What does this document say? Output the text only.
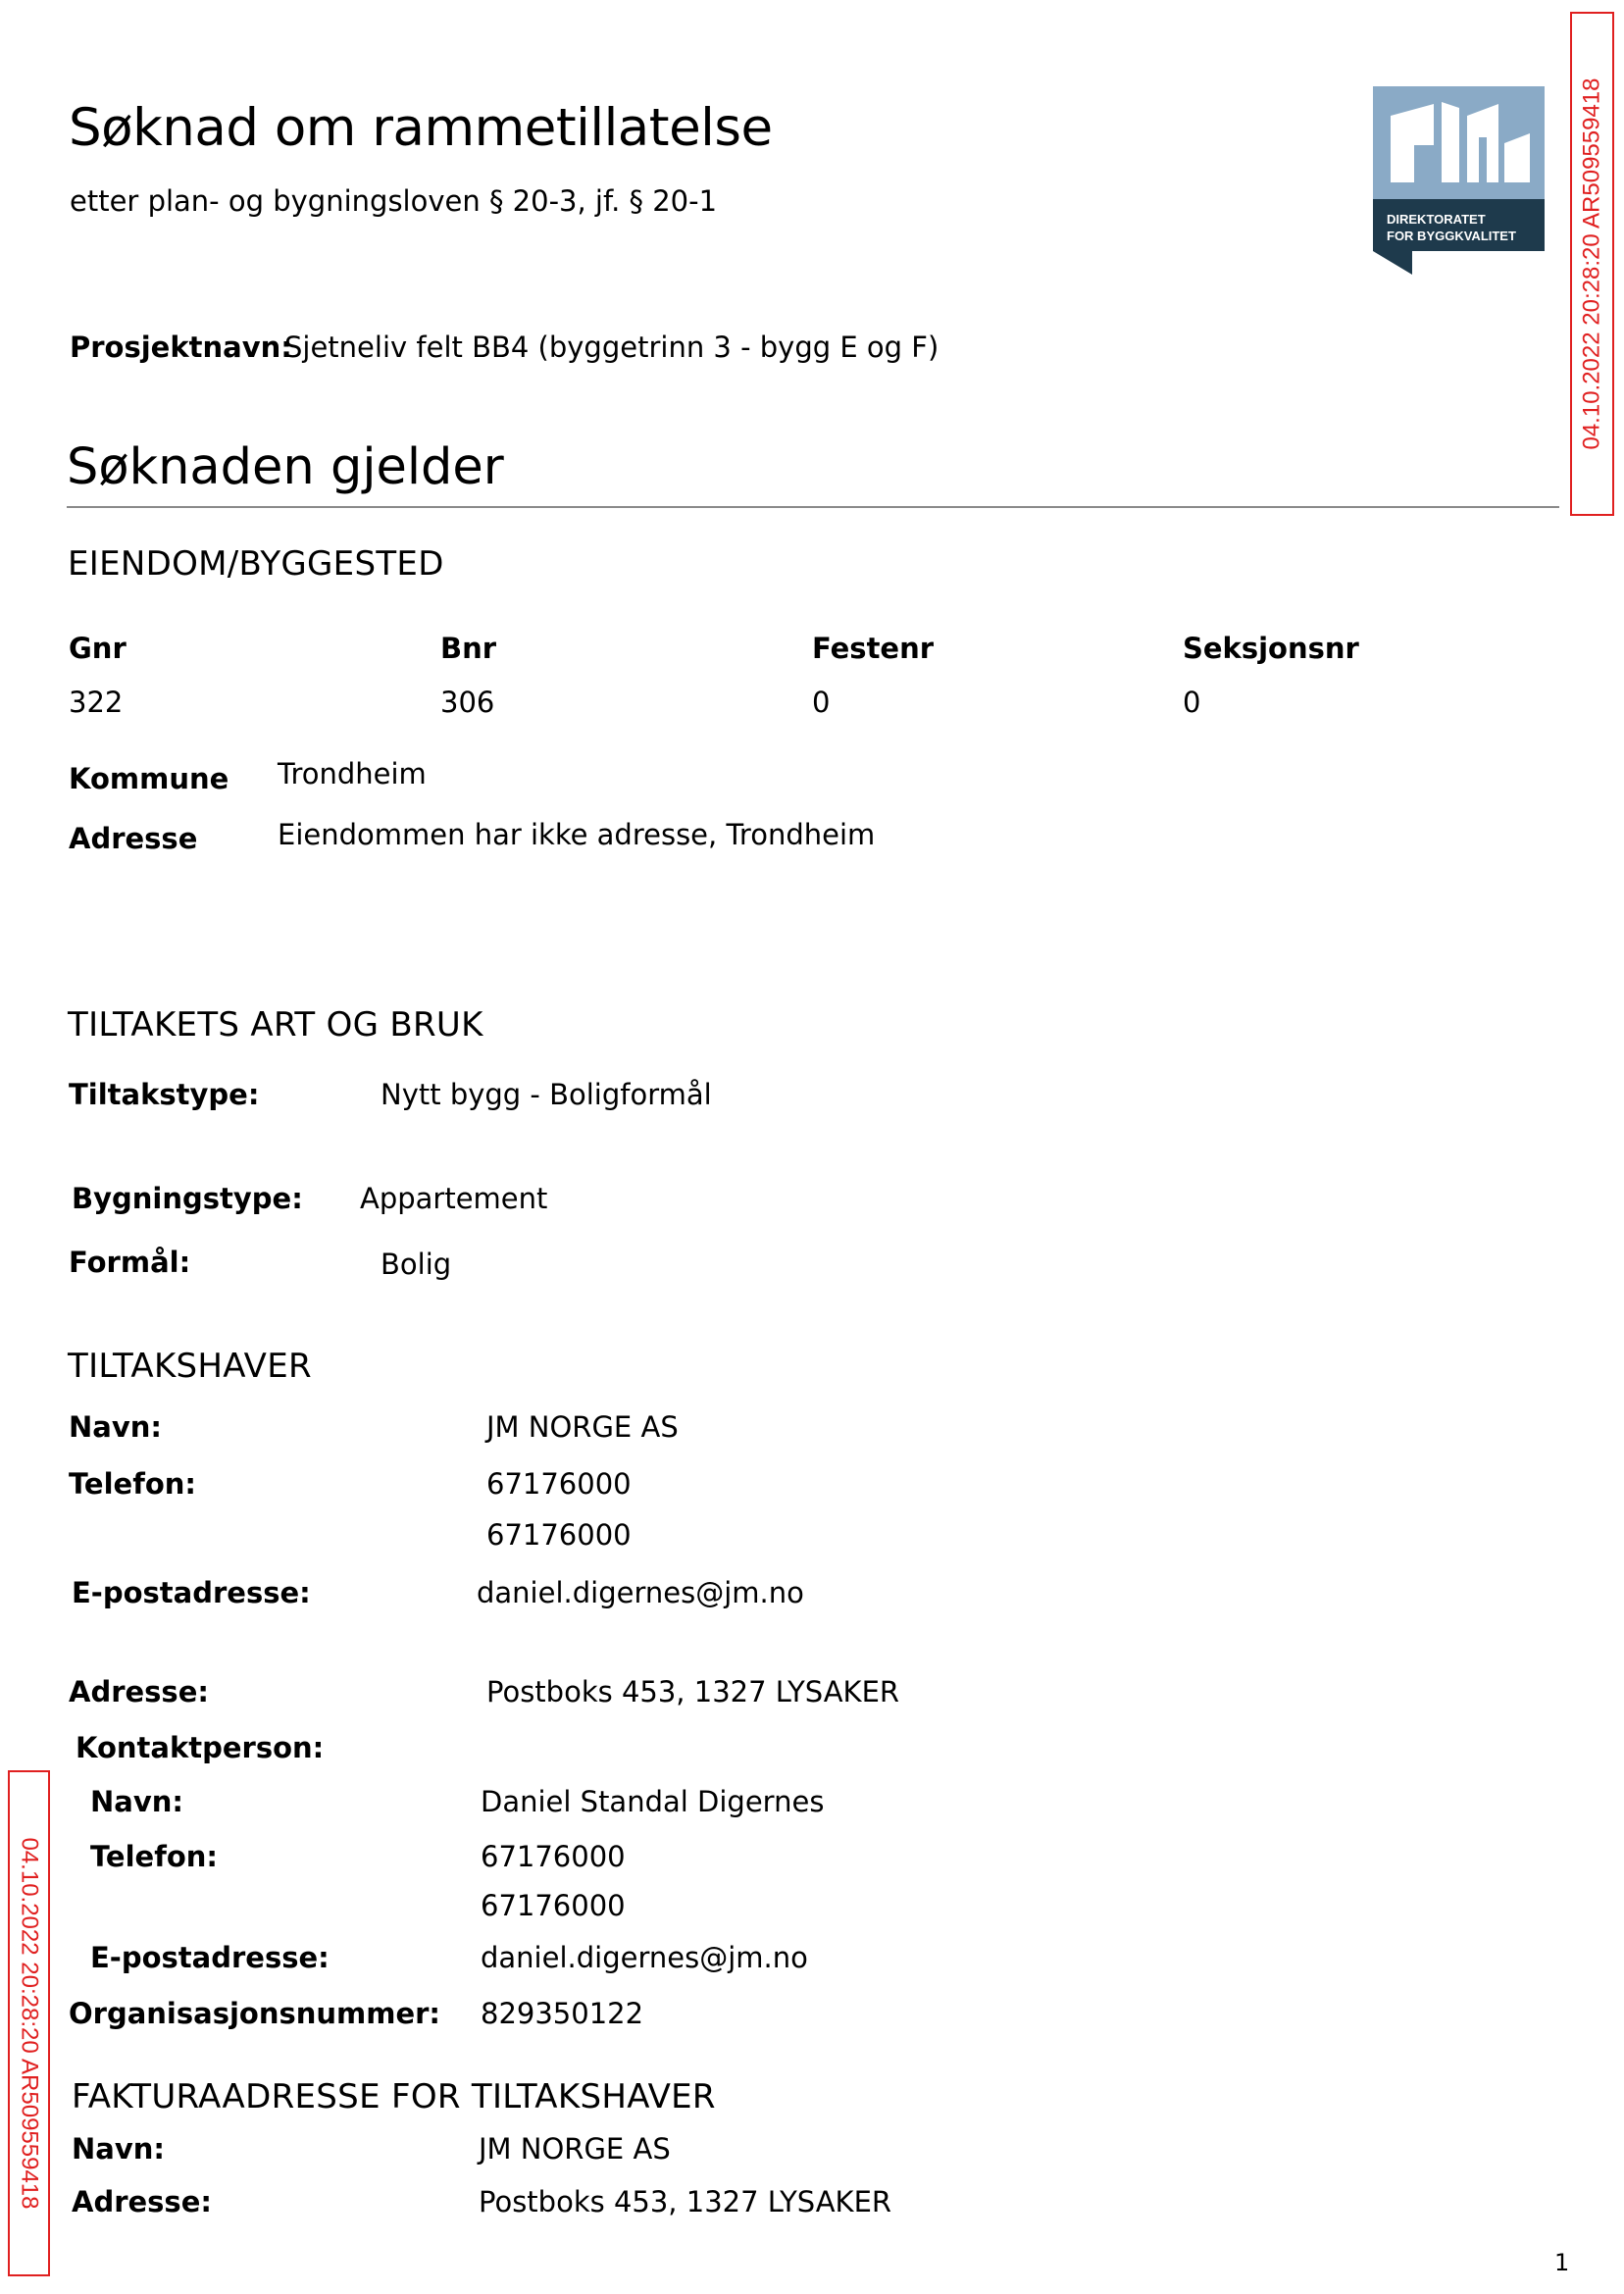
Søknad om rammetillatelse
etter plan- og bygningsloven § 20-3, jf. § 20-1
DIREKTORATET
FOR BYGGKVALITET	04.10.2022 20:28:20 AR509559418
04.10.2022 20:28:20 AR509559418
Prosjektnavn:
Sjetneliv felt BB4 (byggetrinn 3 - bygg E og F)
Søknaden gjelder
EIENDOM/BYGGESTED
Gnr	Bnr	Festenr	Seksjonsnr
322	306	0	0
Kommune Trondheim
Adresse	Eiendommen har ikke adresse, Trondheim
TILTAKETS ART OG BRUK
Tiltakstype:	Nytt bygg - Boligformål
Bygningstype: Appartement
Formål:	Bolig
TILTAKSHAVER
Navn:	JM NORGE AS
Telefon:	67176000
67176000
E-postadresse:	daniel.digernes@jm.no
Adresse:	Postboks 453, 1327 LYSAKER
Kontaktperson:
Navn:	Daniel Standal Digernes
Telefon:	67176000
67176000
E-postadresse:	daniel.digernes@jm.no
Organisasjonsnummer: 829350122
FAKTURAADRESSE FOR TILTAKSHAVER
Navn:	JM NORGE AS
Adresse:	Postboks 453, 1327 LYSAKER
1
